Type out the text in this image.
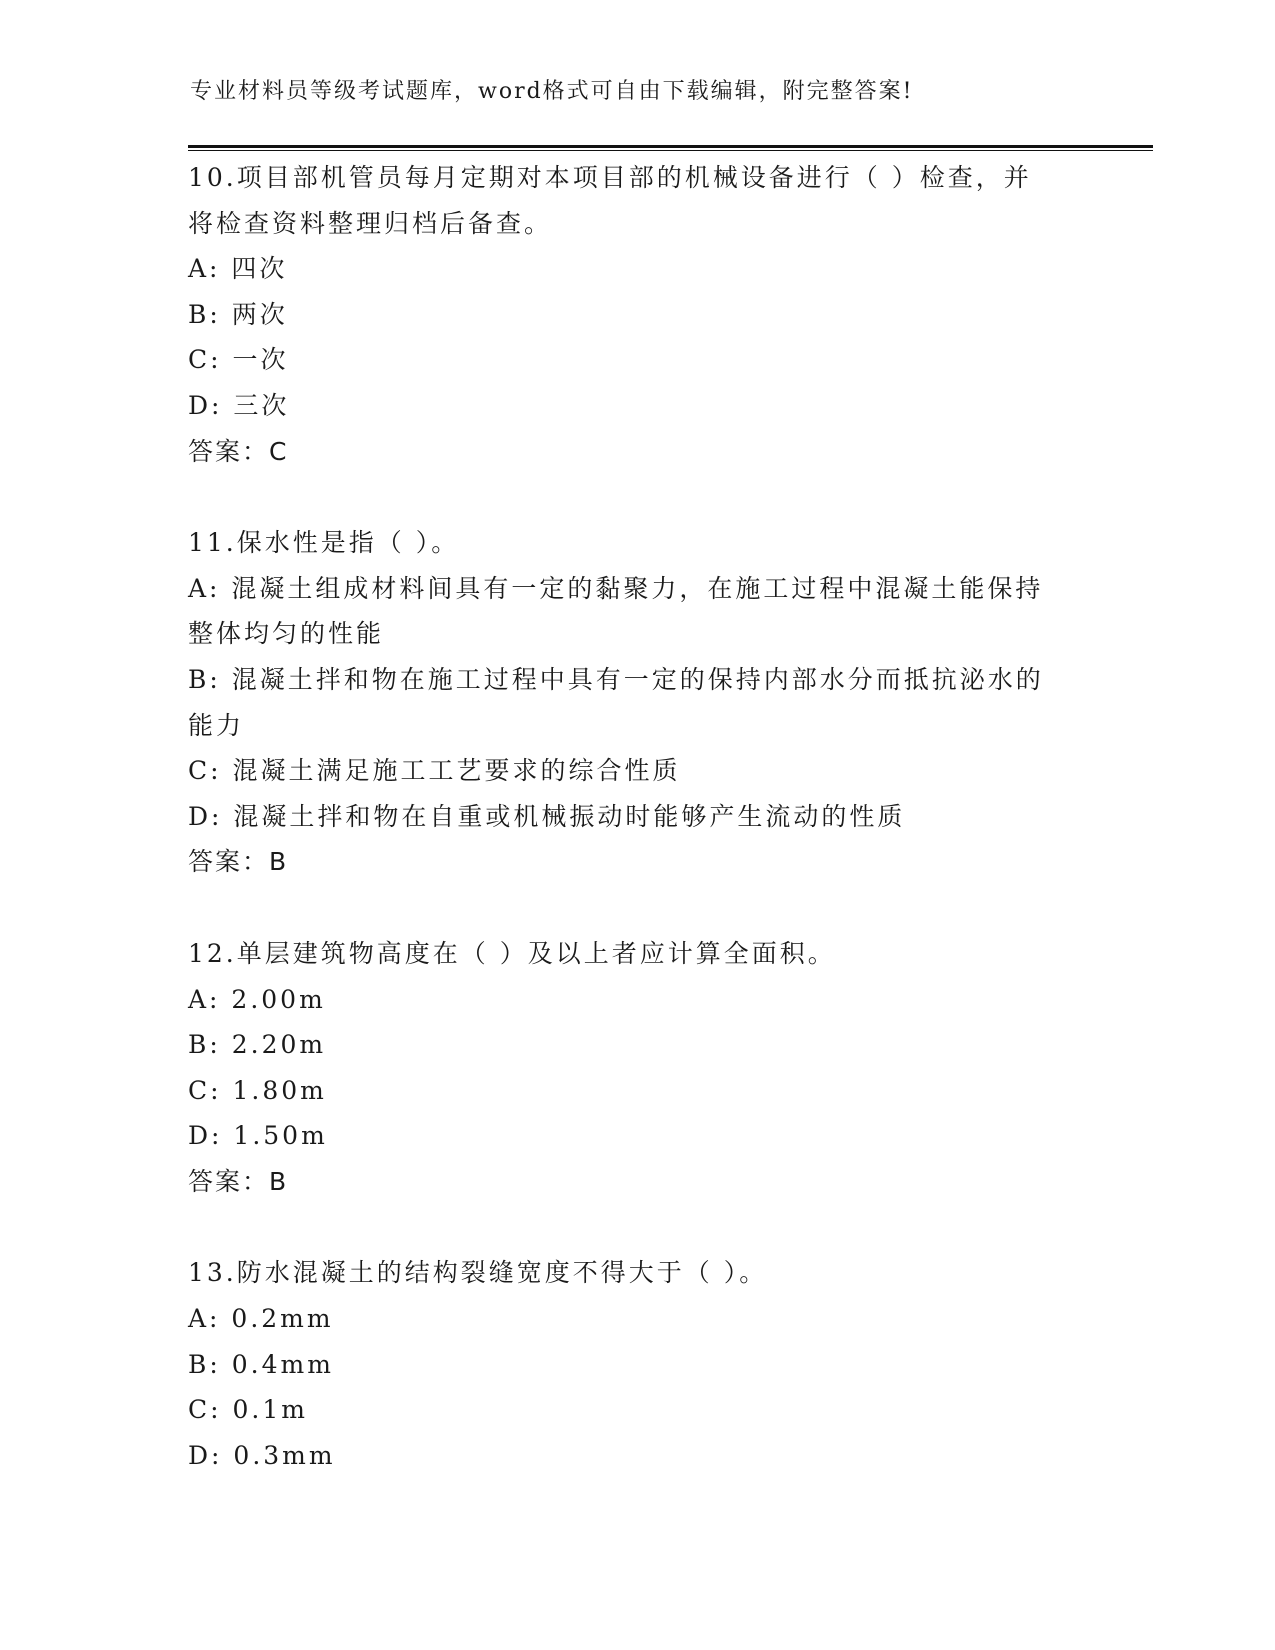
专业材料员等级考试题库，word格式可自由下载编辑，附完整答案!
10.项目部机管员每月定期对本项目部的机械设备进行（ ）检查，并
将检查资料整理归档后备查。
A: 四次
B: 两次
C: 一次
D: 三次
答案：C
11.保水性是指（ ）。
A: 混凝土组成材料间具有一定的黏聚力，在施工过程中混凝土能保持
整体均匀的性能
B: 混凝土拌和物在施工过程中具有一定的保持内部水分而抵抗泌水的
能力
C: 混凝土满足施工工艺要求的综合性质
D: 混凝土拌和物在自重或机械振动时能够产生流动的性质
答案：B
12.单层建筑物高度在（ ）及以上者应计算全面积。
A: 2.00m
B: 2.20m
C: 1.80m
D: 1.50m
答案：B
13.防水混凝土的结构裂缝宽度不得大于（ ）。
A: 0.2mm
B: 0.4mm
C: 0.1m
D: 0.3mm
